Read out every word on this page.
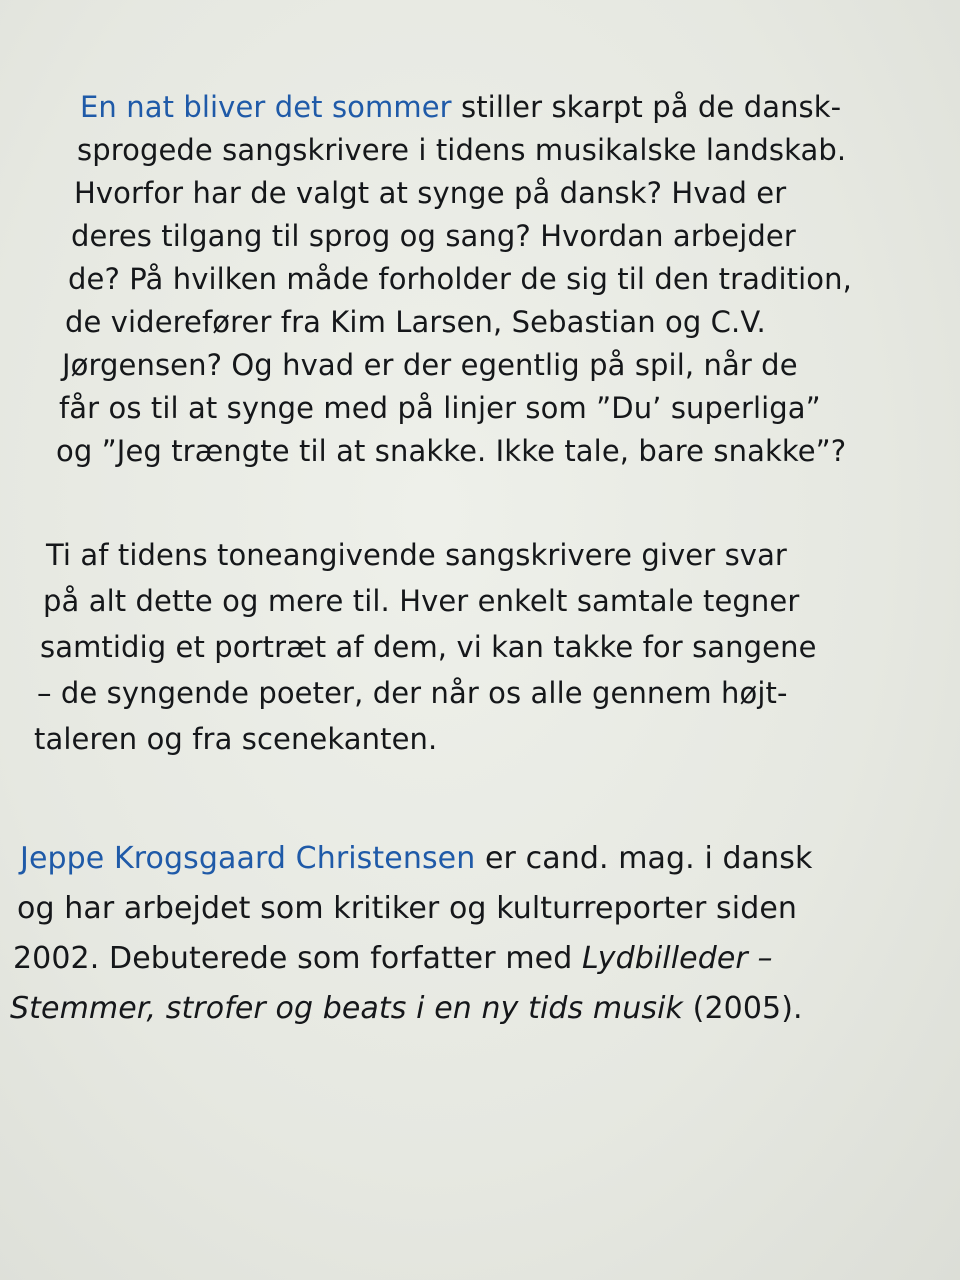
En nat bliver det sommer stiller skarpt på de dansk-
sprogede sangskrivere i tidens musikalske landskab.
Hvorfor har de valgt at synge på dansk? Hvad er
deres tilgang til sprog og sang? Hvordan arbejder
de? På hvilken måde forholder de sig til den tradition,
de viderefører fra Kim Larsen, Sebastian og C.V.
Jørgensen? Og hvad er der egentlig på spil, når de
får os til at synge med på linjer som ”Du’ superliga”
og ”Jeg trængte til at snakke. Ikke tale, bare snakke”?
Ti af tidens toneangivende sangskrivere giver svar
på alt dette og mere til. Hver enkelt samtale tegner
samtidig et portræt af dem, vi kan takke for sangene
– de syngende poeter, der når os alle gennem højt-
taleren og fra scenekanten.
Jeppe Krogsgaard Christensen er cand. mag. i dansk
og har arbejdet som kritiker og kulturreporter siden
2002. Debuterede som forfatter med Lydbilleder –
Stemmer, strofer og beats i en ny tids musik (2005).
